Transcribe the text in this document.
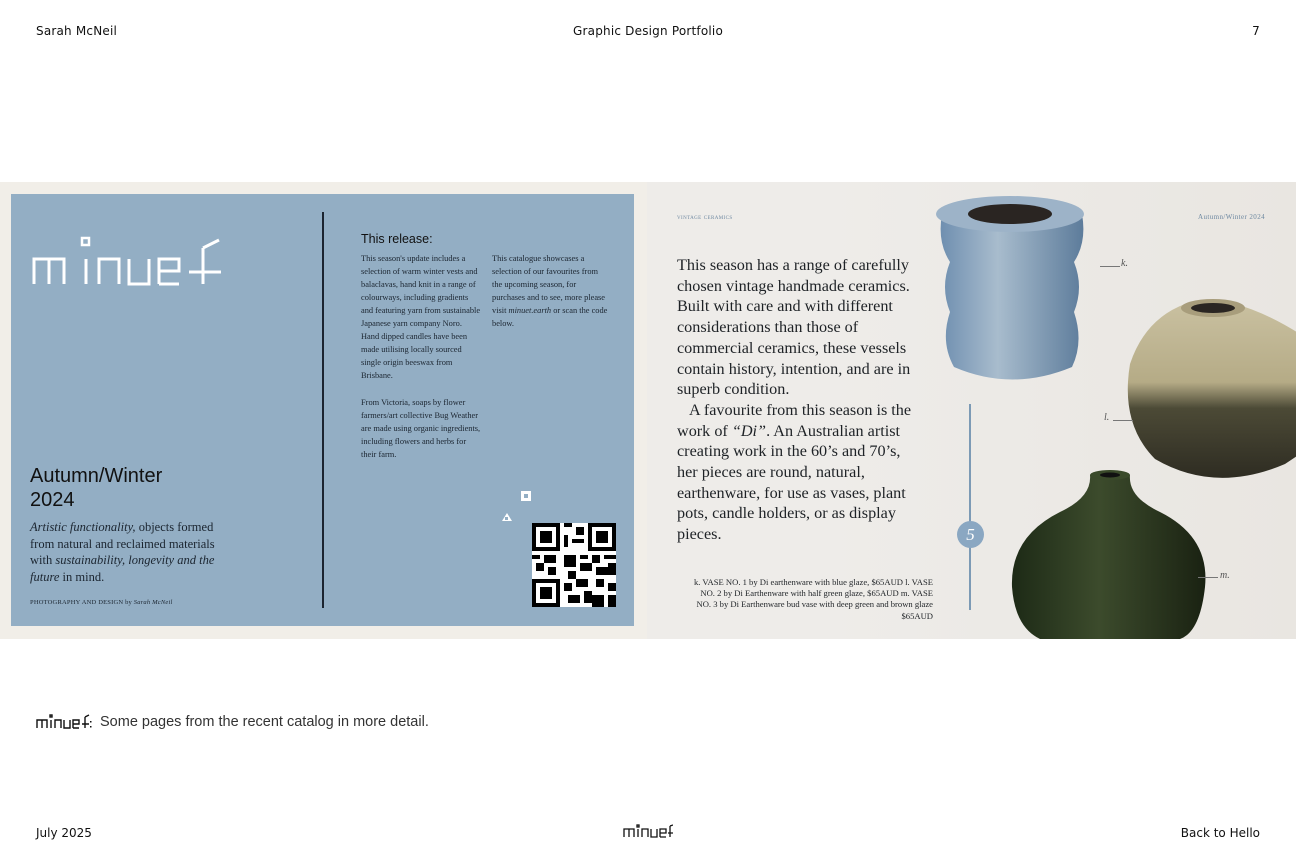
Sarah McNeil	Graphic Design Portfolio	7
Autumn/Winter
2024
Artistic functionality, objects formed from natural and reclaimed materials with sustainability, longevity and the future in mind.
PHOTOGRAPHY AND DESIGN by Sarah McNeil
This release:
This season's update includes a selection of warm winter vests and balaclavas, hand knit in a range of colourways, including gradients and featuring yarn from sustainable Japanese yarn company Noro. Hand dipped candles have been made utilising locally sourced single origin beeswax from Brisbane.
From Victoria, soaps by flower farmers/art collective Bug Weather are made using organic ingredients, including flowers and herbs for their farm.
This catalogue showcases a selection of our favourites from the upcoming season, for purchases and to see, more please visit minuet.earth or scan the code below.
vintage ceramics	Autumn/Winter 2024
This season has a range of carefully chosen vintage handmade ceramics. Built with care and with different considerations than those of commercial ceramics, these vessels contain history, intention, and are in superb condition.
A favourite from this season is the work of “Di”. An Australian artist creating work in the 60’s and 70’s, her pieces are round, natural, earthenware, for use as vases, plant pots, candle holders, or as display pieces.	5
k. VASE NO. 1 by Di earthenware with blue glaze, $65AUD l. VASE NO. 2 by Di Earthenware with half green glaze, $65AUD m. VASE NO. 3 by Di Earthenware bud vase with deep green and brown glaze $65AUD
k.
l.
m.
Some pages from the recent catalog in more detail.
July 2025	Back to Hello
